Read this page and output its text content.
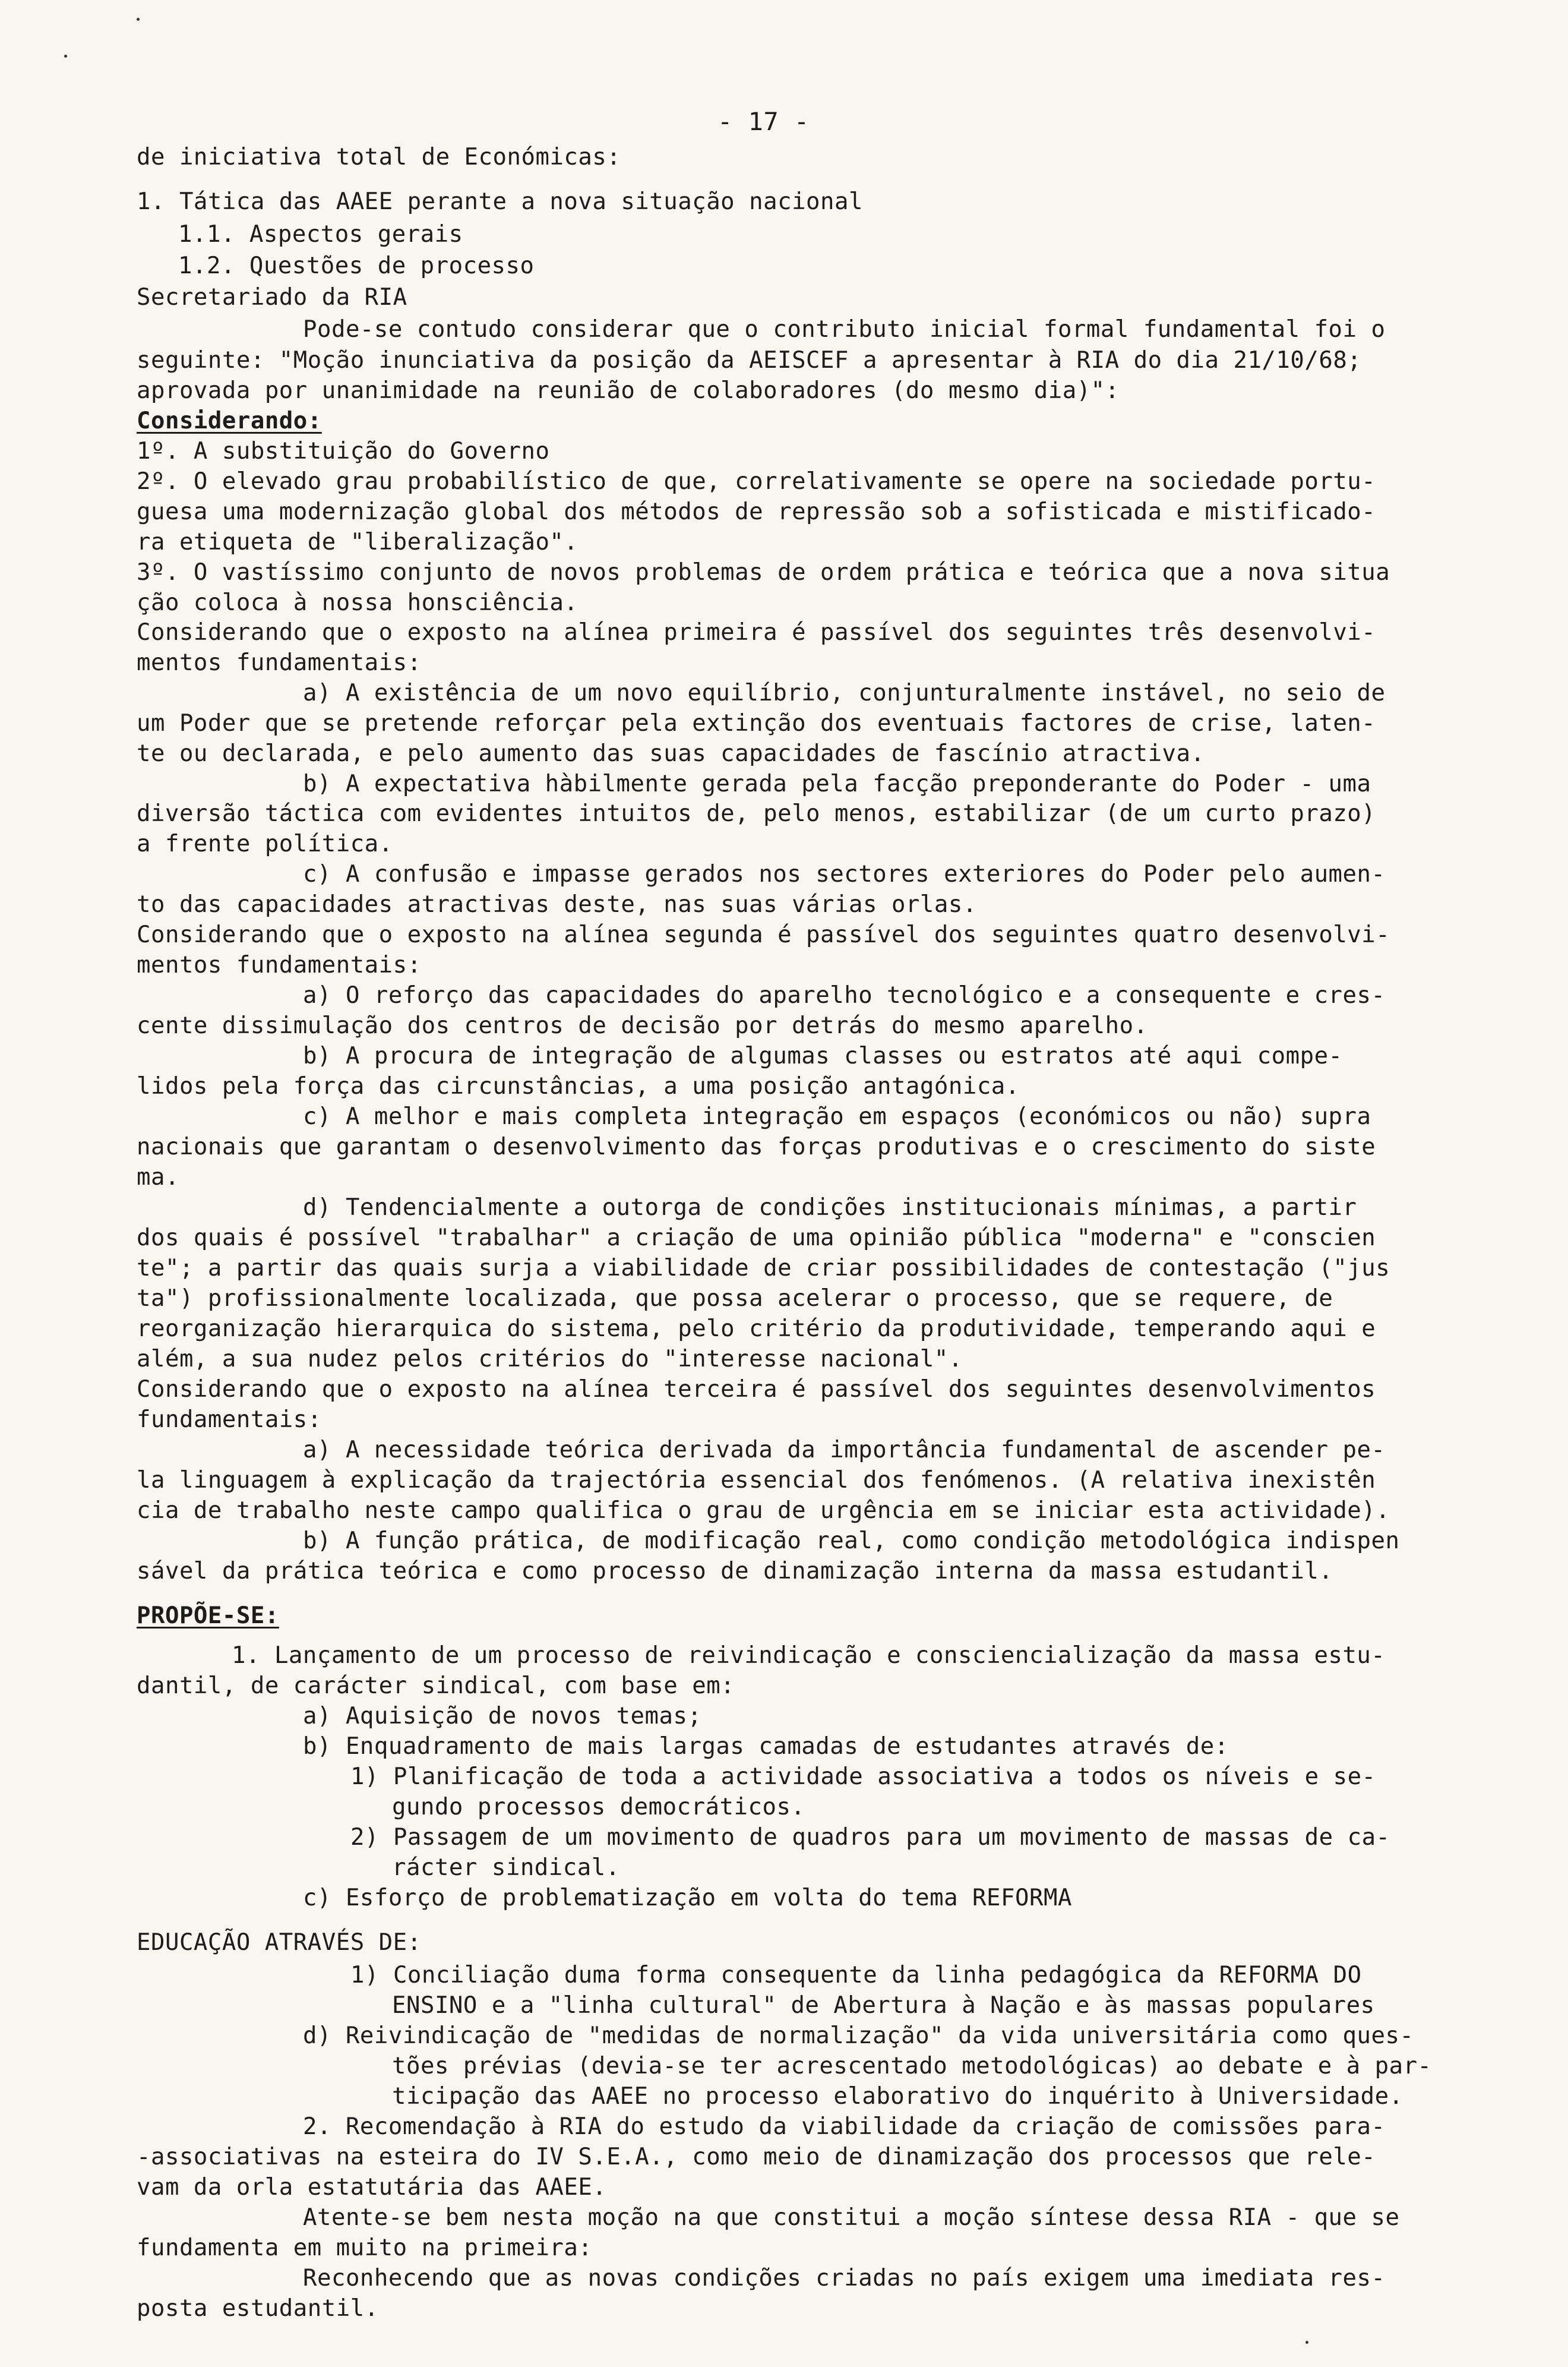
- 17 -
de iniciativa total de Económicas:
1. Tática das AAEE perante a nova situação nacional
1.1. Aspectos gerais
1.2. Questões de processo
Secretariado da RIA
Pode-se contudo considerar que o contributo inicial formal fundamental foi o
seguinte: "Moção inunciativa da posição da AEISCEF a apresentar à RIA do dia 21/10/68;
aprovada por unanimidade na reunião de colaboradores (do mesmo dia)":
Considerando:
1º. A substituição do Governo
2º. O elevado grau probabilístico de que, correlativamente se opere na sociedade portu-
guesa uma modernização global dos métodos de repressão sob a sofisticada e mistificado-
ra etiqueta de "liberalização".
3º. O vastíssimo conjunto de novos problemas de ordem prática e teórica que a nova situa
ção coloca à nossa honsciência.
Considerando que o exposto na alínea primeira é passível dos seguintes três desenvolvi-
mentos fundamentais:
a) A existência de um novo equilíbrio, conjunturalmente instável, no seio de
um Poder que se pretende reforçar pela extinção dos eventuais factores de crise, laten-
te ou declarada, e pelo aumento das suas capacidades de fascínio atractiva.
b) A expectativa hàbilmente gerada pela facção preponderante do Poder - uma
diversão táctica com evidentes intuitos de, pelo menos, estabilizar (de um curto prazo)
a frente política.
c) A confusão e impasse gerados nos sectores exteriores do Poder pelo aumen-
to das capacidades atractivas deste, nas suas várias orlas.
Considerando que o exposto na alínea segunda é passível dos seguintes quatro desenvolvi-
mentos fundamentais:
a) O reforço das capacidades do aparelho tecnológico e a consequente e cres-
cente dissimulação dos centros de decisão por detrás do mesmo aparelho.
b) A procura de integração de algumas classes ou estratos até aqui compe-
lidos pela força das circunstâncias, a uma posição antagónica.
c) A melhor e mais completa integração em espaços (económicos ou não) supra
nacionais que garantam o desenvolvimento das forças produtivas e o crescimento do siste
ma.
d) Tendencialmente a outorga de condições institucionais mínimas, a partir
dos quais é possível "trabalhar" a criação de uma opinião pública "moderna" e "conscien
te"; a partir das quais surja a viabilidade de criar possibilidades de contestação ("jus
ta") profissionalmente localizada, que possa acelerar o processo, que se requere, de
reorganização hierarquica do sistema, pelo critério da produtividade, temperando aqui e
além, a sua nudez pelos critérios do "interesse nacional".
Considerando que o exposto na alínea terceira é passível dos seguintes desenvolvimentos
fundamentais:
a) A necessidade teórica derivada da importância fundamental de ascender pe-
la linguagem à explicação da trajectória essencial dos fenómenos. (A relativa inexistên
cia de trabalho neste campo qualifica o grau de urgência em se iniciar esta actividade).
b) A função prática, de modificação real, como condição metodológica indispen
sável da prática teórica e como processo de dinamização interna da massa estudantil.
PROPÕE-SE:
1. Lançamento de um processo de reivindicação e consciencialização da massa estu-
dantil, de carácter sindical, com base em:
a) Aquisição de novos temas;
b) Enquadramento de mais largas camadas de estudantes através de:
1) Planificação de toda a actividade associativa a todos os níveis e se-
gundo processos democráticos.
2) Passagem de um movimento de quadros para um movimento de massas de ca-
rácter sindical.
c) Esforço de problematização em volta do tema REFORMA
EDUCAÇÃO ATRAVÉS DE:
1) Conciliação duma forma consequente da linha pedagógica da REFORMA DO
ENSINO e a "linha cultural" de Abertura à Nação e às massas populares
d) Reivindicação de "medidas de normalização" da vida universitária como ques-
tões prévias (devia-se ter acrescentado metodológicas) ao debate e à par-
ticipação das AAEE no processo elaborativo do inquérito à Universidade.
2. Recomendação à RIA do estudo da viabilidade da criação de comissões para-
-associativas na esteira do IV S.E.A., como meio de dinamização dos processos que rele-
vam da orla estatutária das AAEE.
Atente-se bem nesta moção na que constitui a moção síntese dessa RIA - que se
fundamenta em muito na primeira:
Reconhecendo que as novas condições criadas no país exigem uma imediata res-
posta estudantil.
